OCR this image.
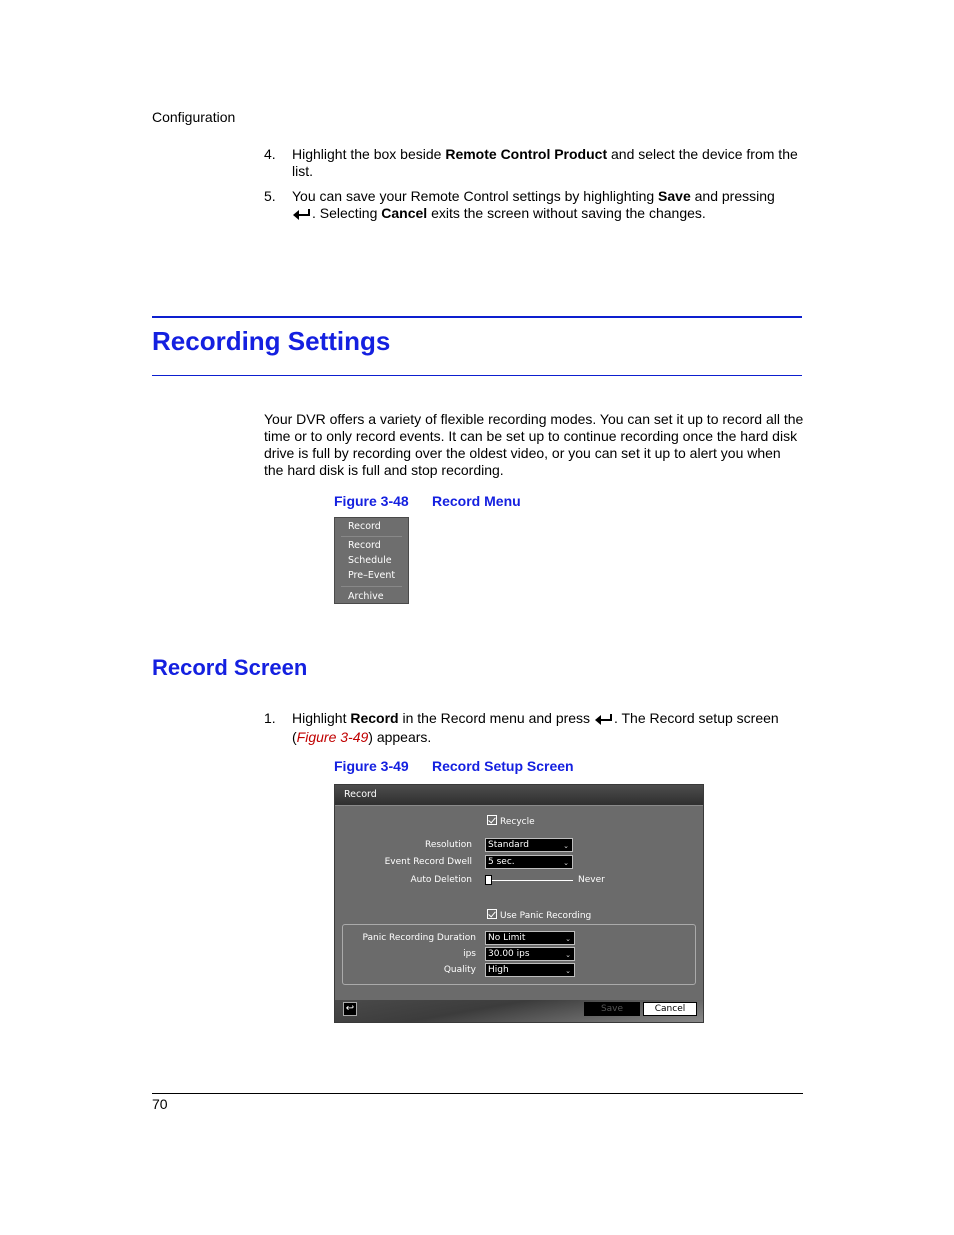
Configuration
4. Highlight the box beside Remote Control Product and select the device from the list.
5. You can save your Remote Control settings by highlighting Save and pressing
. Selecting Cancel exits the screen without saving the changes.
Recording Settings
Your DVR offers a variety of flexible recording modes. You can set it up to record all the time or to only record events. It can be set up to continue recording once the hard disk drive is full by recording over the oldest video, or you can set it up to alert you when the hard disk is full and stop recording.
Figure 3-48 Record Menu
Record
Record
Schedule
Pre–Event
Archive
Record Screen
1. Highlight Record in the Record menu and press . The Record setup screen (Figure 3-49) appears.
Figure 3-49 Record Setup Screen
Record
Recycle
Resolution	Standard	⌄
Event Record Dwell	5 sec.	⌄
Auto Deletion	Never
Use Panic Recording
Panic Recording Duration	No Limit	⌄
ips	30.00 ips	⌄
Quality	High	⌄
↩	Save	Cancel
70
